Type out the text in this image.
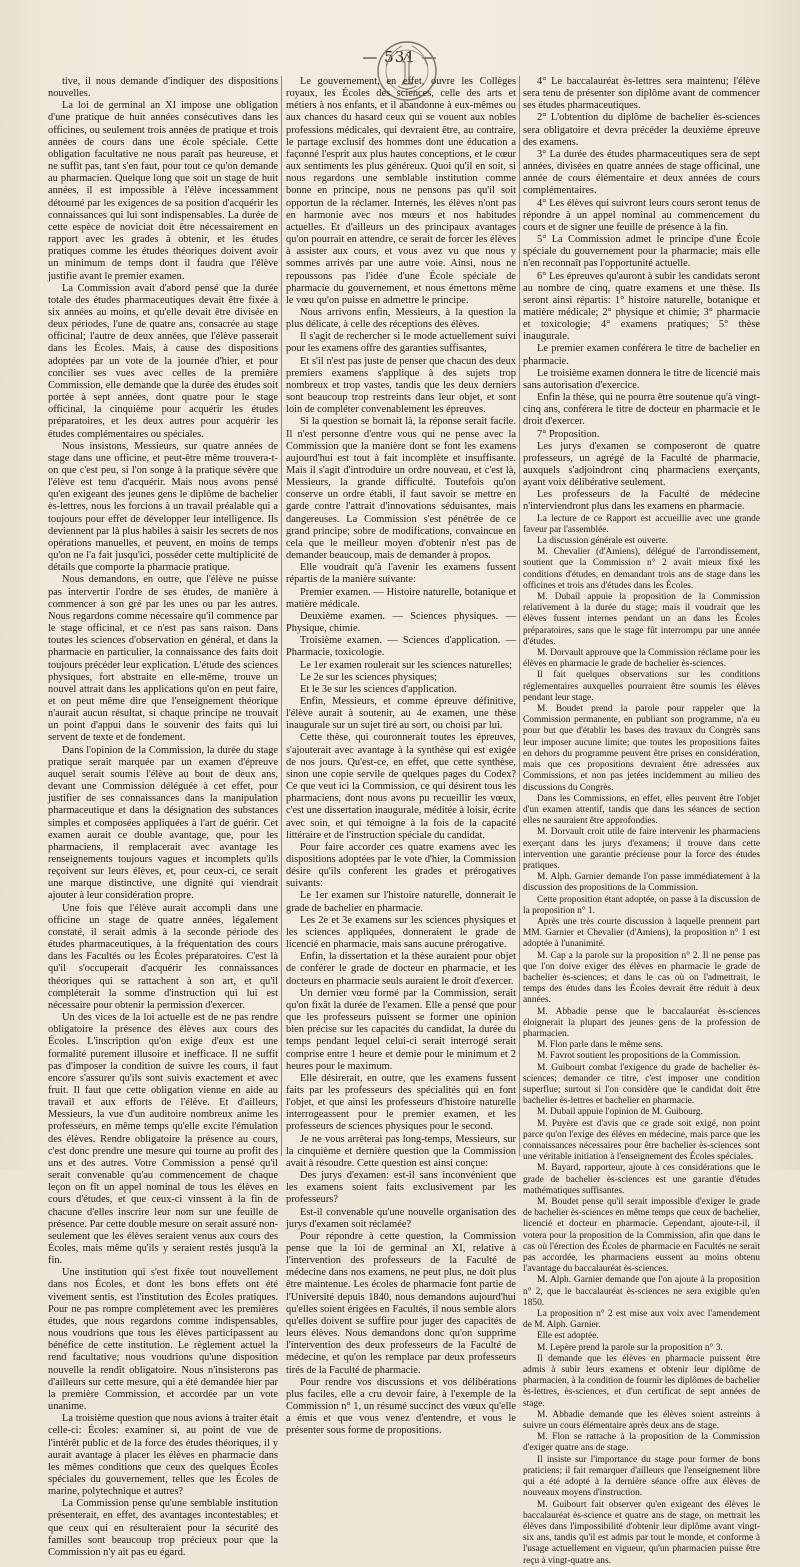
— 531 —

tive, il nous demande d'indiquer des dispositions nouvelles.

La loi de germinal an XI impose une obligation d'une pratique de huit années consécutives dans les officines, ou seulement trois années de pratique et trois années de cours dans une école spéciale. Cette obligation facultative ne nous paraît pas heureuse, et ne suffit pas, tant s'en faut, pour tout ce qu'on demande au pharmacien. Quelque long que soit un stage de huit années, il est impossible à l'élève incessamment détourné par les exigences de sa position d'acquérir les connaissances qui lui sont indispensables. La durée de cette espèce de noviciat doit être nécessairement en rapport avec les grades à obtenir, et les études pratiques comme les études théoriques doivent avoir un minimum de temps dont il faudra que l'élève justifie avant le premier examen.

La Commission avait d'abord pensé que la durée totale des études pharmaceutiques devait être fixée à six années au moins, et qu'elle devait être divisée en deux périodes, l'une de quatre ans, consacrée au stage officinal; l'autre de deux années, que l'élève passerait dans les Écoles. Mais, à cause des dispositions adoptées par un vote de la journée d'hier, et pour concilier ses vues avec celles de la première Commission, elle demande que la durée des études soit portée à sept années, dont quatre pour le stage officinal, la cinquième pour acquérir les études préparatoires, et les deux autres pour acquérir les études complémentaires ou spéciales.

Nous insistons, Messieurs, sur quatre années de stage dans une officine, et peut-être même trouvera-t-on que c'est peu, si l'on songe à la pratique sévère que l'élève est tenu d'acquérir. Mais nous avons pensé qu'en exigeant des jeunes gens le diplôme de bachelier ès-lettres, nous les forcions à un travail préalable qui a toujours pour effet de développer leur intelligence. Ils deviennent par là plus habiles à saisir les secrets de nos opérations manuelles, et peuvent, en moins de temps qu'on ne l'a fait jusqu'ici, posséder cette multiplicité de détails que comporte la pharmacie pratique.

Nous demandons, en outre, que l'élève ne puisse pas intervertir l'ordre de ses études, de manière à commencer à son gré par les unes ou par les autres. Nous regardons comme nécessaire qu'il commence par le stage officinal, et ce n'est pas sans raison. Dans toutes les sciences d'observation en général, et dans la pharmacie en particulier, la connaissance des faits doit toujours précéder leur explication. L'étude des sciences physiques, fort abstraite en elle-même, trouve un nouvel attrait dans les applications qu'on en peut faire, et on peut même dire que l'enseignement théorique n'aurait aucun résultat, si chaque principe ne trouvait un point d'appui dans le souvenir des faits qui lui servent de texte et de fondement.

Dans l'opinion de la Commission, la durée du stage pratique serait marquée par un examen d'épreuve auquel serait soumis l'élève au bout de deux ans, devant une Commission déléguée à cet effet, pour justifier de ses connaissances dans la manipulation pharmaceutique et dans la désignation des substances simples et composées appliquées à l'art de guérir. Cet examen aurait ce double avantage, que, pour les pharmaciens, il remplacerait avec avantage les renseignements toujours vagues et incomplets qu'ils reçoivent sur leurs élèves, et, pour ceux-ci, ce serait une marque distinctive, une dignité qui viendrait ajouter à leur considération propre.

Une fois que l'élève aurait accompli dans une officine un stage de quatre années, légalement constaté, il serait admis à la seconde période des études pharmaceutiques, à la fréquentation des cours dans les Facultés ou les Écoles préparatoires. C'est là qu'il s'occuperait d'acquérir les connaissances théoriques qui se rattachent à son art, et qu'il compléterait la somme d'instruction qui lui est nécessaire pour obtenir la permission d'exercer.

Un des vices de la loi actuelle est de ne pas rendre obligatoire la présence des élèves aux cours des Écoles. L'inscription qu'on exige d'eux est une formalité purement illusoire et inefficace. Il ne suffit pas d'imposer la condition de suivre les cours, il faut encore s'assurer qu'ils sont suivis exactement et avec fruit. Il faut que cette obligation vienne en aide au travail et aux efforts de l'élève. Et d'ailleurs, Messieurs, la vue d'un auditoire nombreux anime les professeurs, en même temps qu'elle excite l'émulation des élèves. Rendre obligatoire la présence au cours, c'est donc prendre une mesure qui tourne au profit des uns et des autres. Votre Commission a pensé qu'il serait convenable qu'au commencement de chaque leçon on fît un appel nominal de tous les élèves en cours d'études, et que ceux-ci vinssent à la fin de chacune d'elles inscrire leur nom sur une feuille de présence. Par cette double mesure on serait assuré non-seulement que les élèves seraient venus aux cours des Écoles, mais même qu'ils y seraient restés jusqu'à la fin.

Une institution qui s'est fixée tout nouvellement dans nos Écoles, et dont les bons effets ont été vivement sentis, est l'institution des Écoles pratiques. Pour ne pas rompre complètement avec les premières études, que nous regardons comme indispensables, nous voudrions que tous les élèves participassent au bénéfice de cette institution. Le règlement actuel la rend facultative; nous voudrions qu'une disposition nouvelle la rendît obligatoire. Nous n'insisterons pas d'ailleurs sur cette mesure, qui a été demandée hier par la première Commission, et accordée par un vote unanime.

La troisième question que nous avions à traiter était celle-ci: Écoles: examiner si, au point de vue de l'intérêt public et de la force des études théoriques, il y aurait avantage à placer les élèves en pharmacie dans les mêmes conditions que ceux des quelques Écoles spéciales du gouvernement, telles que les Écoles de marine, polytechnique et autres?

La Commission pense qu'une semblable institution présenterait, en effet, des avantages incontestables; et que ceux qui en résulteraient pour la sécurité des familles sont beaucoup trop précieux pour que la Commission n'y ait pas eu égard.

Le gouvernement, en effet, ouvre les Collèges royaux, les Écoles des sciences, celle des arts et métiers à nos enfants, et il abandonne à eux-mêmes ou aux chances du hasard ceux qui se vouent aux nobles professions médicales, qui devraient être, au contraire, le partage exclusif des hommes dont une éducation a façonné l'esprit aux plus hautes conceptions, et le cœur aux sentiments les plus généreux. Quoi qu'il en soit, si nous regardons une semblable institution comme bonne en principe, nous ne pensons pas qu'il soit opportun de la réclamer. Internés, les élèves n'ont pas en harmonie avec nos mœurs et nos habitudes actuelles. Et d'ailleurs un des principaux avantages qu'on pourrait en attendre, ce serait de forcer les élèves à assister aux cours, et vous avez vu que nous y sommes arrivés par une autre voie. Ainsi, nous ne repoussons pas l'idée d'une École spéciale de pharmacie du gouvernement, et nous émettons même le vœu qu'on puisse en admettre le principe.

Nous arrivons enfin, Messieurs, à la question la plus délicate, à celle des réceptions des élèves.

Il s'agit de rechercher si le mode actuellement suivi pour les examens offre des garanties suffisantes,

Et s'il n'est pas juste de penser que chacun des deux premiers examens s'applique à des sujets trop nombreux et trop vastes, tandis que les deux derniers sont beaucoup trop restreints dans leur objet, et sont loin de compléter convenablement les épreuves.

Si la question se bornait là, la réponse serait facile. Il n'est personne d'entre vous qui ne pense avec la Commission que la manière dont se font les examens aujourd'hui est tout à fait incomplète et insuffisante. Mais il s'agit d'introduire un ordre nouveau, et c'est là, Messieurs, la grande difficulté. Toutefois qu'on conserve un ordre établi, il faut savoir se mettre en garde contre l'attrait d'innovations séduisantes, mais dangereuses. La Commission s'est pénétrée de ce grand principe; sobre de modifications, convaincue en cela que le meilleur moyen d'obtenir n'est pas de demander beaucoup, mais de demander à propos.

Elle voudrait qu'à l'avenir les examens fussent répartis de la manière suivante:

Premier examen. — Histoire naturelle, botanique et matière médicale.

Deuxième examen. — Sciences physiques. — Physique, chimie.

Troisième examen. — Sciences d'application. — Pharmacie, toxicologie.

Le 1er examen roulerait sur les sciences naturelles;

Le 2e sur les sciences physiques;

Et le 3e sur les sciences d'application.

Enfin, Messieurs, et comme épreuve définitive, l'élève aurait à soutenir, au 4e examen, une thèse inaugurale sur un sujet tiré au sort, ou choisi par lui.

Cette thèse, qui couronnerait toutes les épreuves, s'ajouterait avec avantage à la synthèse qui est exigée de nos jours. Qu'est-ce, en effet, que cette synthèse, sinon une copie servile de quelques pages du Codex? Ce que veut ici la Commission, ce qui désirent tous les pharmaciens, dont nous avons pu recueillir les vœux, c'est une dissertation inaugurale, méditée à loisir, écrite avec soin, et qui témoigne à la fois de la capacité littéraire et de l'instruction spéciale du candidat.

Pour faire accorder ces quatre examens avec les dispositions adoptées par le vote d'hier, la Commission désire qu'ils conferent les grades et prérogatives suivants:

Le 1er examen sur l'histoire naturelle, donnerait le grade de bachelier en pharmacie.

Les 2e et 3e examens sur les sciences physiques et les sciences appliquées, donneraient le grade de licencié en pharmacie, mais sans aucune prérogative.

Enfin, la dissertation et la thèse auraient pour objet de conférer le grade de docteur en pharmacie, et les docteurs en pharmacie seuls auraient le droit d'exercer.

Un dernier vœu formé par la Commission, serait qu'on fixât la durée de l'examen. Elle a pensé que pour que les professeurs puissent se former une opinion bien précise sur les capacités du candidat, la durée du temps pendant lequel celui-ci serait interrogé serait comprise entre 1 heure et demie pour le minimum et 2 heures pour le maximum.

Elle désirerait, en outre, que les examens fussent faits par les professeurs des spécialités qui en font l'objet, et que ainsi les professeurs d'histoire naturelle interrogeassent pour le premier examen, et les professeurs de sciences physiques pour le second.

Je ne vous arrêterai pas long-temps, Messieurs, sur la cinquième et dernière question que la Commission avait à résoudre. Cette question est ainsi conçue:

Des jurys d'examen: est-il sans inconvénient que les examens soient faits exclusivement par les professeurs?

Est-il convenable qu'une nouvelle organisation des jurys d'examen soit réclamée?

Pour répondre à cette question, la Commission pense que la loi de germinal an XI, relative à l'intervention des professeurs de la Faculté de médecine dans nos examens, ne peut plus, ne doit plus être maintenue. Les écoles de pharmacie font partie de l'Université depuis 1840, nous demandons aujourd'hui qu'elles soient érigées en Facultés, il nous semble alors qu'elles doivent se suffire pour juger des capacités de leurs élèves. Nous demandons donc qu'on supprime l'intervention des deux professeurs de la Faculté de médecine, et qu'on les remplace par deux professeurs tirés de la Faculté de pharmacie.

Pour rendre vos discussions et vos délibérations plus faciles, elle a cru devoir faire, à l'exemple de la Commission n° 1, un résumé succinct des vœux qu'elle a émis et que vous venez d'entendre, et vous le présenter sous forme de propositions.

4° Le baccalauréat ès-lettres sera maintenu; l'élève sera tenu de présenter son diplôme avant de commencer ses études pharmaceutiques.

2° L'obtention du diplôme de bachelier ès-sciences sera obligatoire et devra précéder la deuxième épreuve des examens.

3° La durée des études pharmaceutiques sera de sept années, divisées en quatre années de stage officinal, une année de cours élémentaire et deux années de cours complémentaires.

4° Les élèves qui suivront leurs cours seront tenus de répondre à un appel nominal au commencement du cours et de signer une feuille de présence à la fin.

5° La Commission admet le principe d'une École spéciale du gouvernement pour la pharmacie; mais elle n'en reconnaît pas l'opportunité actuelle.

6° Les épreuves qu'auront à subir les candidats seront au nombre de cinq, quatre examens et une thèse. Ils seront ainsi répartis: 1° histoire naturelle, botanique et matière médicale; 2° physique et chimie; 3° pharmacie et toxicologie; 4° examens pratiques; 5° thèse inaugurale.

Le premier examen conférera le titre de bachelier en pharmacie.

Le troisième examen donnera le titre de licencié mais sans autorisation d'exercice.

Enfin la thèse, qui ne pourra être soutenue qu'à vingt-cinq ans, conférera le titre de docteur en pharmacie et le droit d'exercer.

7° Proposition.

Les jurys d'examen se composeront de quatre professeurs, un agrégé de la Faculté de pharmacie, auxquels s'adjoindront cinq pharmaciens exerçants, ayant voix délibérative seulement.

Les professeurs de la Faculté de médecine n'interviendront plus dans les examens en pharmacie.

La lecture de ce Rapport est accueillie avec une grande faveur par l'assemblée.

La discussion générale est ouverte.

M. Chevalier (d'Amiens), délégué de l'arrondissement, soutient que la Commission n° 2 avait mieux fixé les conditions d'études, en demandant trois ans de stage dans les officines et trois ans d'études dans les Écoles.

M. Dubail appuie la proposition de la Commission relativement à la durée du stage; mais il voudrait que les élèves fussent internes pendant un an dans les Écoles préparatoires, sans que le stage fût interrompu par une année d'études.

M. Dorvault approuve que la Commission réclame pour les élèves en pharmacie le grade de bachelier ès-sciences.

Il fait quelques observations sur les conditions réglementaires auxquelles pourraient être soumis les élèves pendant leur stage.

M. Boudet prend la parole pour rappeler que la Commission permanente, en publiant son programme, n'a eu pour but que d'établir les bases des travaux du Congrès sans leur imposer aucune limite; que toutes les propositions faites en dehors du programme peuvent être prises en considération, mais que ces propositions devraient être adressées aux Commissions, et non pas jetées incidemment au milieu des discussions du Congrès.

Dans les Commissions, en effet, elles peuvent être l'objet d'un examen attentif, tandis que dans les séances de section elles ne sauraient être approfondies.

M. Dorvault croit utile de faire intervenir les pharmaciens exerçant dans les jurys d'examens; il trouve dans cette intervention une garantie précieuse pour la force des études pratiques.

M. Alph. Garnier demande l'on passe immédiatement à la discussion des propositions de la Commission.

Cette proposition étant adoptée, on passe à la discussion de la proposition n° 1.

Après une très courte discussion à laquelle prennent part MM. Garnier et Chevalier (d'Amiens), la proposition n° 1 est adoptée à l'unanimité.

M. Cap a la parole sur la proposition n° 2. Il ne pense pas que l'on doive exiger des élèves en pharmacie le grade de bachelier ès-sciences; et dans le cas où on l'admettrait, le temps des études dans les Écoles devrait être réduit à deux années.

M. Abbadie pense que le baccalauréat ès-sciences éloignerait la plupart des jeunes gens de la profession de pharmacien.

M. Flon parle dans le même sens.

M. Favrot soutient les propositions de la Commission.

M. Guibourt combat l'exigence du grade de bachelier ès-sciences; demander ce titre, c'est imposer une condition superflue; surtout si l'on considère que le candidat doit être bachelier ès-lettres et bachelier en pharmacie.

M. Dubail appuie l'opinion de M. Guibourg.

M. Puyère est d'avis que ce grade soit exigé, non point parce qu'on l'exige des élèves en médecine, mais parce que les connaissances nécessaires pour être bachelier ès-sciences sont une véritable initiation à l'enseignement des Écoles spéciales.

M. Bayard, rapporteur, ajoute à ces considérations que le grade de bachelier ès-sciences est une garantie d'études mathématiques suffisantes.

M. Boudet pense qu'il serait impossible d'exiger le grade de bachelier ès-sciences en même temps que ceux de bachelier, licencié et docteur en pharmacie. Cependant, ajoute-t-il, il votera pour la proposition de la Commission, afin que dans le cas où l'érection des Écoles de pharmacie en Facultés ne serait pas accordée, les pharmaciens eussent au moins obtenu l'avantage du baccalauréat ès-sciences.

M. Alph. Garnier demande que l'on ajoute à la proposition n° 2, que le baccalauréat ès-sciences ne sera exigible qu'en 1850.

La proposition n° 2 est mise aux voix avec l'amendement de M. Alph. Garnier.

Elle est adoptée.

M. Lepère prend la parole sur la proposition n° 3.

Il demande que les élèves en pharmacie puissent être admis à subir leurs examens et obtenir leur diplôme de pharmacien, à la condition de fournir les diplômes de bachelier ès-lettres, ès-sciences, et d'un certificat de sept années de stage.

M. Abbadie demande que les élèves soient astreints à suivre un cours élémentaire après deux ans de stage.

M. Flon se rattache à la proposition de la Commission d'exiger quatre ans de stage.

Il insiste sur l'importance du stage pour former de bons praticiens; il fait remarquer d'ailleurs que l'enseignement libre qui a été adopté à la dernière séance offre aux élèves de nouveaux moyens d'instruction.

M. Guibourt fait observer qu'en exigeant des élèves le baccalauréat ès-science et quatre ans de stage, on mettrait les élèves dans l'impossibilité d'obtenir leur diplôme avant vingt-six ans, tandis qu'il est admis par tout le monde, et conforme à l'usage actuellement en vigueur, qu'un pharmacien puisse être reçu à vingt-quatre ans.
